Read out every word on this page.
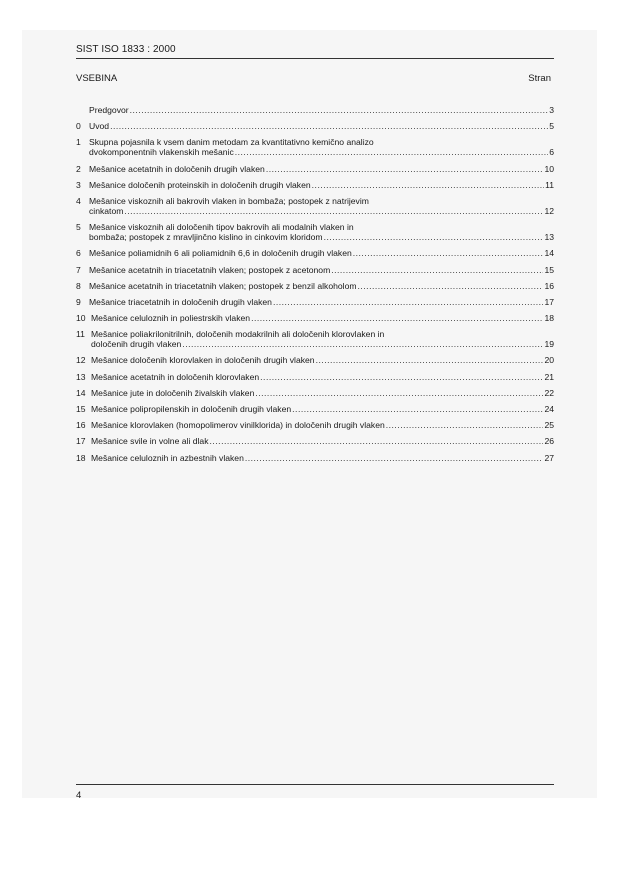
SIST ISO 1833 : 2000
VSEBINA	Stran
Predgovor .....	3
0 Uvod .....	5
1 Skupna pojasnila k vsem danim metodam za kvantitativno kemično analizo
dvokomponentnih vlakenskih mešanic .....	6
2 Mešanice acetatnih in določenih drugih vlaken .....	10
3 Mešanice določenih proteinskih in določenih drugih vlaken .....	11
4 Mešanice viskoznih ali bakrovih vlaken in bombaža; postopek z natrijevim
cinkatom .....	12
5 Mešanice viskoznih ali določenih tipov bakrovih ali modalnih vlaken in
bombaža; postopek z mravljinčno kislino in cinkovim kloridom .....	13
6 Mešanice poliamidnih 6 ali poliamidnih 6,6 in določenih drugih vlaken .....	14
7 Mešanice acetatnih in triacetatnih vlaken; postopek z acetonom .....	15
8 Mešanice acetatnih in triacetatnih vlaken; postopek z benzil alkoholom .....	16
9 Mešanice triacetatnih in določenih drugih vlaken .....	17
10 Mešanice celuloznih in poliestrskih vlaken .....	18
11 Mešanice poliakrilonitrilnih, določenih modakrilnih ali določenih klorovlaken in
določenih drugih vlaken .....	19
12 Mešanice določenih klorovlaken in določenih drugih vlaken .....	20
13 Mešanice acetatnih in določenih klorovlaken .....	21
14 Mešanice jute in določenih živalskih vlaken .....	22
15 Mešanice polipropilenskih in določenih drugih vlaken .....	24
16 Mešanice klorovlaken (homopolimerov vinilklorida) in določenih drugih vlaken .....	25
17 Mešanice svile in volne ali dlak .....	26
18 Mešanice celuloznih in azbestnih vlaken .....	27
4
